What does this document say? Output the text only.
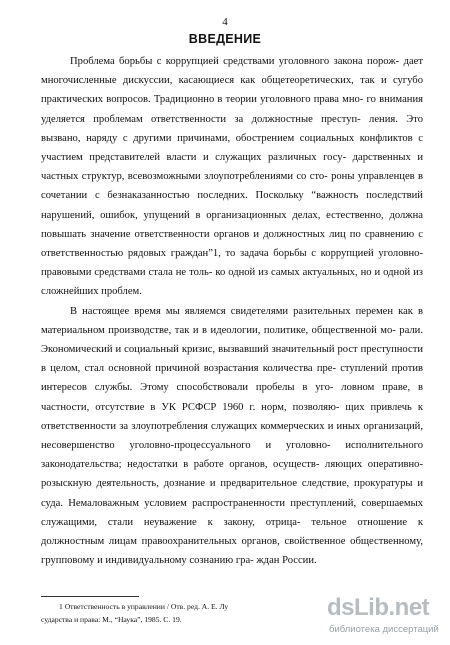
4
ВВЕДЕНИЕ

Проблема борьбы с коррупцией средствами уголовного закона порож- дает многочисленные дискуссии, касающиеся как общетеоретических, так и сугубо практических вопросов. Традиционно в теории уголовного права мно- го внимания уделяется проблемам ответственности за должностные преступ- ления. Это вызвано, наряду с другими причинами, обострением социальных конфликтов с участием представителей власти и служащих различных госу- дарственных и частных структур, всевозможными злоупотреблениями со сто- роны управленцев в сочетании с безнаказанностью последних. Поскольку “важность последствий нарушений, ошибок, упущений в организационных делах, естественно, должна повышать значение ответственности органов и должностных лиц по сравнению с ответственностью рядовых граждан”1, то задача борьбы с коррупцией уголовно-правовыми средствами стала не толь- ко одной из самых актуальных, но и одной из сложнейших проблем.

В настоящее время мы являемся свидетелями разительных перемен как в материальном производстве, так и в идеологии, политике, общественной мо- рали. Экономический и социальный кризис, вызвавший значительный рост преступности в целом, стал основной причиной возрастания количества пре- ступлений против интересов службы. Этому способствовали пробелы в уго- ловном праве, в частности, отсутствие в УК РСФСР 1960 г. норм, позволяю- щих привлечь к ответственности за злоупотребления служащих коммерческих и иных организаций, несовершенство уголовно-процессуального и уголовно- исполнительного законодательства; недостатки в работе органов, осуществ- ляющих оперативно-розыскную деятельность, дознание и предварительное следствие, прокуратуры и суда. Немаловажным условием распространенности преступлений, совершаемых служащими, стали неуважение к закону, отрица- тельное отношение к должностным лицам правоохранительных органов, свойственное общественному, групповому и индивидуальному сознанию гра- ждан России.

1 Ответственность в управлении / Отв. ред. А. Е. Лу
сударства и права: М., “Наука”, 1985. С. 19.	dsLib.net
библиотека диссертаций
